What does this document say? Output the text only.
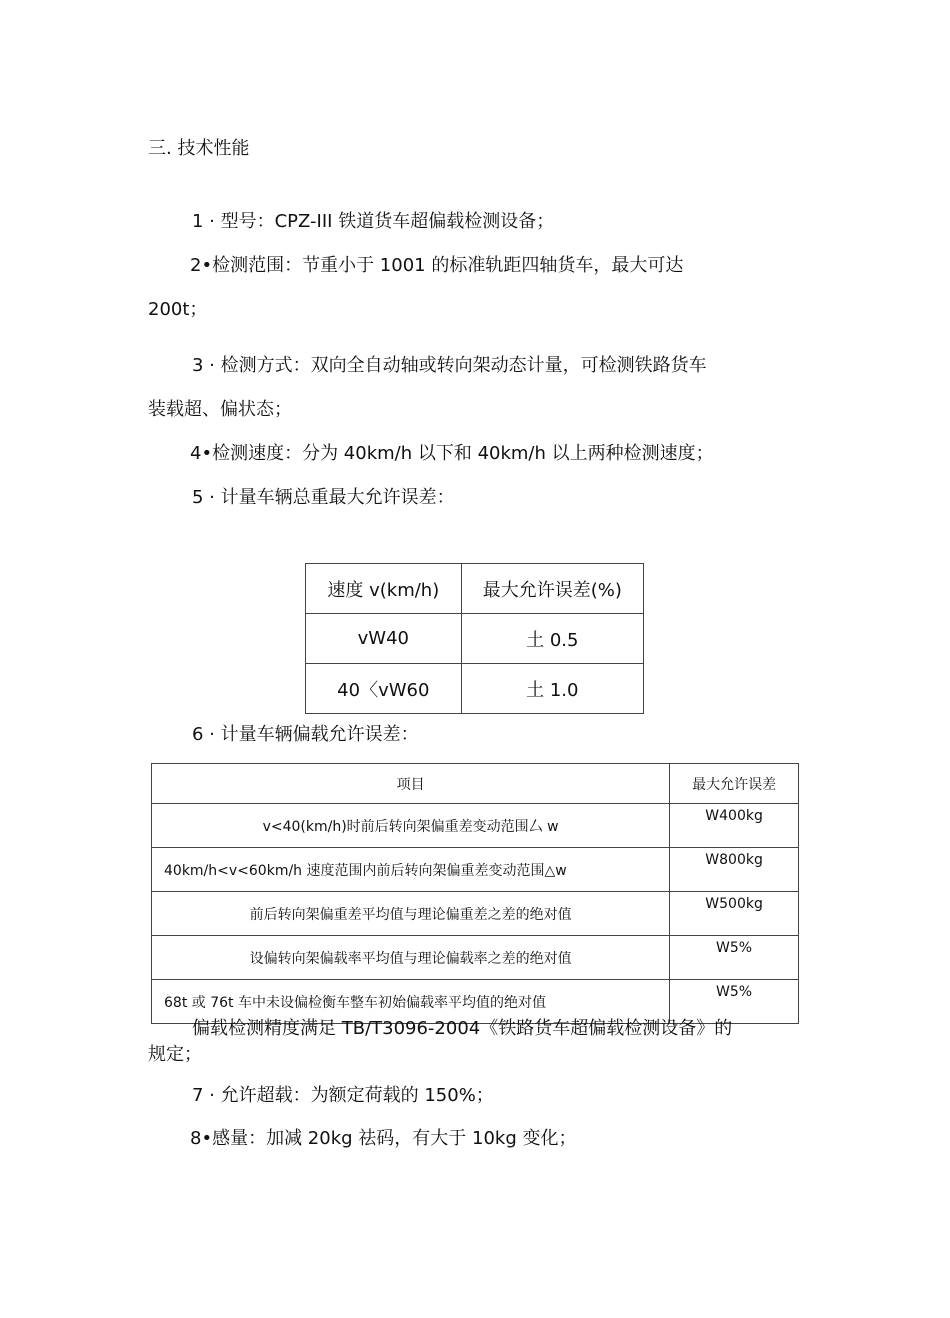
三. 技术性能
1 · 型号：CPZ-III 铁道货车超偏载检测设备；
2•检测范围：节重小于 1001 的标准轨距四轴货车，最大可达
200t；
3 · 检测方式：双向全自动轴或转向架动态计量，可检测铁路货车
装载超、偏状态；
4•检测速度：分为 40km/h 以下和 40km/h 以上两种检测速度；
5 · 计量车辆总重最大允许误差：
速度 v(km/h)	最大允许误差(%)
vW40	土 0.5
40〈vW60	土 1.0
6 · 计量车辆偏载允许误差：
项目	最大允许误差
v<40(km/h)时前后转向架偏重差变动范围厶 w	W400kg
40km/h<v<60km/h 速度范围内前后转向架偏重差变动范围△w	W800kg
前后转向架偏重差平均值与理论偏重差之差的绝对值	W500kg
设偏转向架偏载率平均值与理论偏载率之差的绝对值	W5%
68t 或 76t 车中未设偏检衡车整车初始偏载率平均值的绝对值	W5%
偏载检测精度满足 TB/T3096-2004《铁路货车超偏载检测设备》的
规定；
7 · 允许超载：为额定荷载的 150%；
8•感量：加减 20kg 祛码，有大于 10kg 变化；
